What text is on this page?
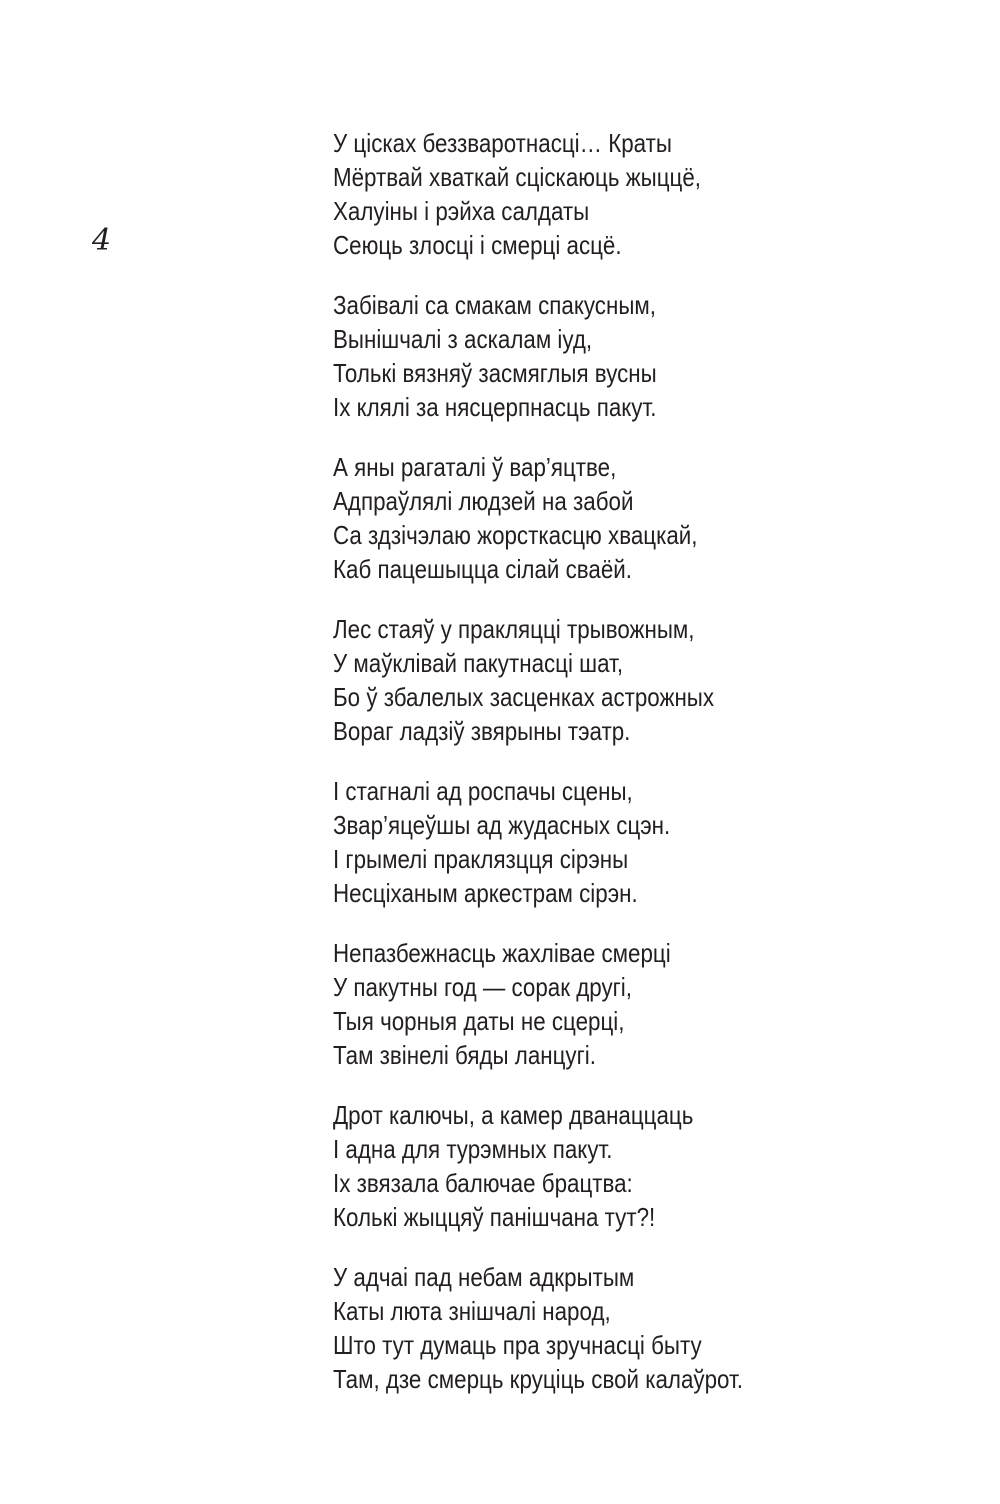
4
У цісках беззваротнасці… Краты
Мёртвай хваткай сціскаюць жыццё,
Халуіны і рэйха салдаты
Сеюць злосці і смерці асцё.
Забівалі са смакам спакусным,
Вынішчалі з аскалам іуд,
Толькі вязняў засмяглыя вусны
Іх клялі за нясцерпнасць пакут.
А яны рагаталі ў вар’яцтве,
Адпраўлялі людзей на забой
Са здзічэлаю жорсткасцю хвацкай,
Каб пацешыцца сілай сваёй.
Лес стаяў у пракляцці трывожным,
У маўклівай пакутнасці шат,
Бо ў збалелых засценках астрожных
Вораг ладзіў звярыны тэатр.
І стагналі ад роспачы сцены,
Звар’яцеўшы ад жудасных сцэн.
І грымелі праклязцця сірэны
Несціханым аркестрам сірэн.
Непазбежнасць жахлівае смерці
У пакутны год — сорак другі,
Тыя чорныя даты не сцерці,
Там звінелі бяды ланцугі.
Дрот калючы, а камер дванаццаць
І адна для турэмных пакут.
Іх звязала балючае брацтва:
Колькі жыццяў панішчана тут?!
У адчаі пад небам адкрытым
Каты люта знішчалі народ,
Што тут думаць пра зручнасці быту
Там, дзе смерць круціць свой калаўрот.
